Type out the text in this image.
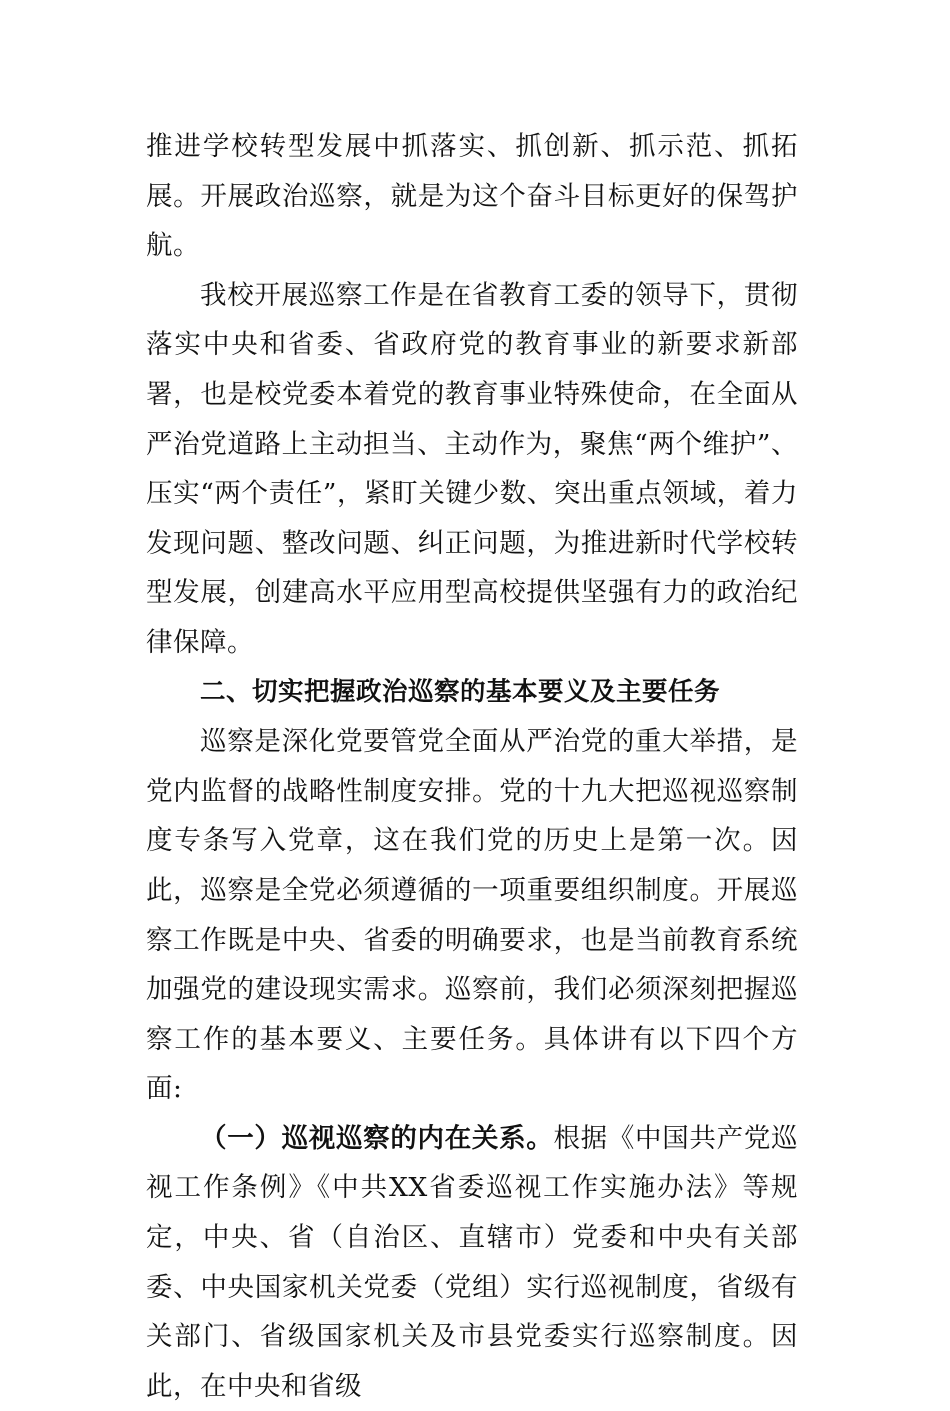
推进学校转型发展中抓落实、抓创新、抓示范、抓拓展。开展政治巡察，就是为这个奋斗目标更好的保驾护航。

我校开展巡察工作是在省教育工委的领导下，贯彻落实中央和省委、省政府党的教育事业的新要求新部署，也是校党委本着党的教育事业特殊使命，在全面从严治党道路上主动担当、主动作为，聚焦“两个维护”、压实“两个责任”，紧盯关键少数、突出重点领域，着力发现问题、整改问题、纠正问题，为推进新时代学校转型发展，创建高水平应用型高校提供坚强有力的政治纪律保障。

二、切实把握政治巡察的基本要义及主要任务

巡察是深化党要管党全面从严治党的重大举措，是党内监督的战略性制度安排。党的十九大把巡视巡察制度专条写入党章，这在我们党的历史上是第一次。因此，巡察是全党必须遵循的一项重要组织制度。开展巡察工作既是中央、省委的明确要求，也是当前教育系统加强党的建设现实需求。巡察前，我们必须深刻把握巡察工作的基本要义、主要任务。具体讲有以下四个方面:

（一）巡视巡察的内在关系。根据《中国共产党巡视工作条例》《中共XX省委巡视工作实施办法》等规定，中央、省（自治区、直辖市）党委和中央有关部委、中央国家机关党委（党组）实行巡视制度，省级有关部门、省级国家机关及市县党委实行巡察制度。因此，在中央和省级
